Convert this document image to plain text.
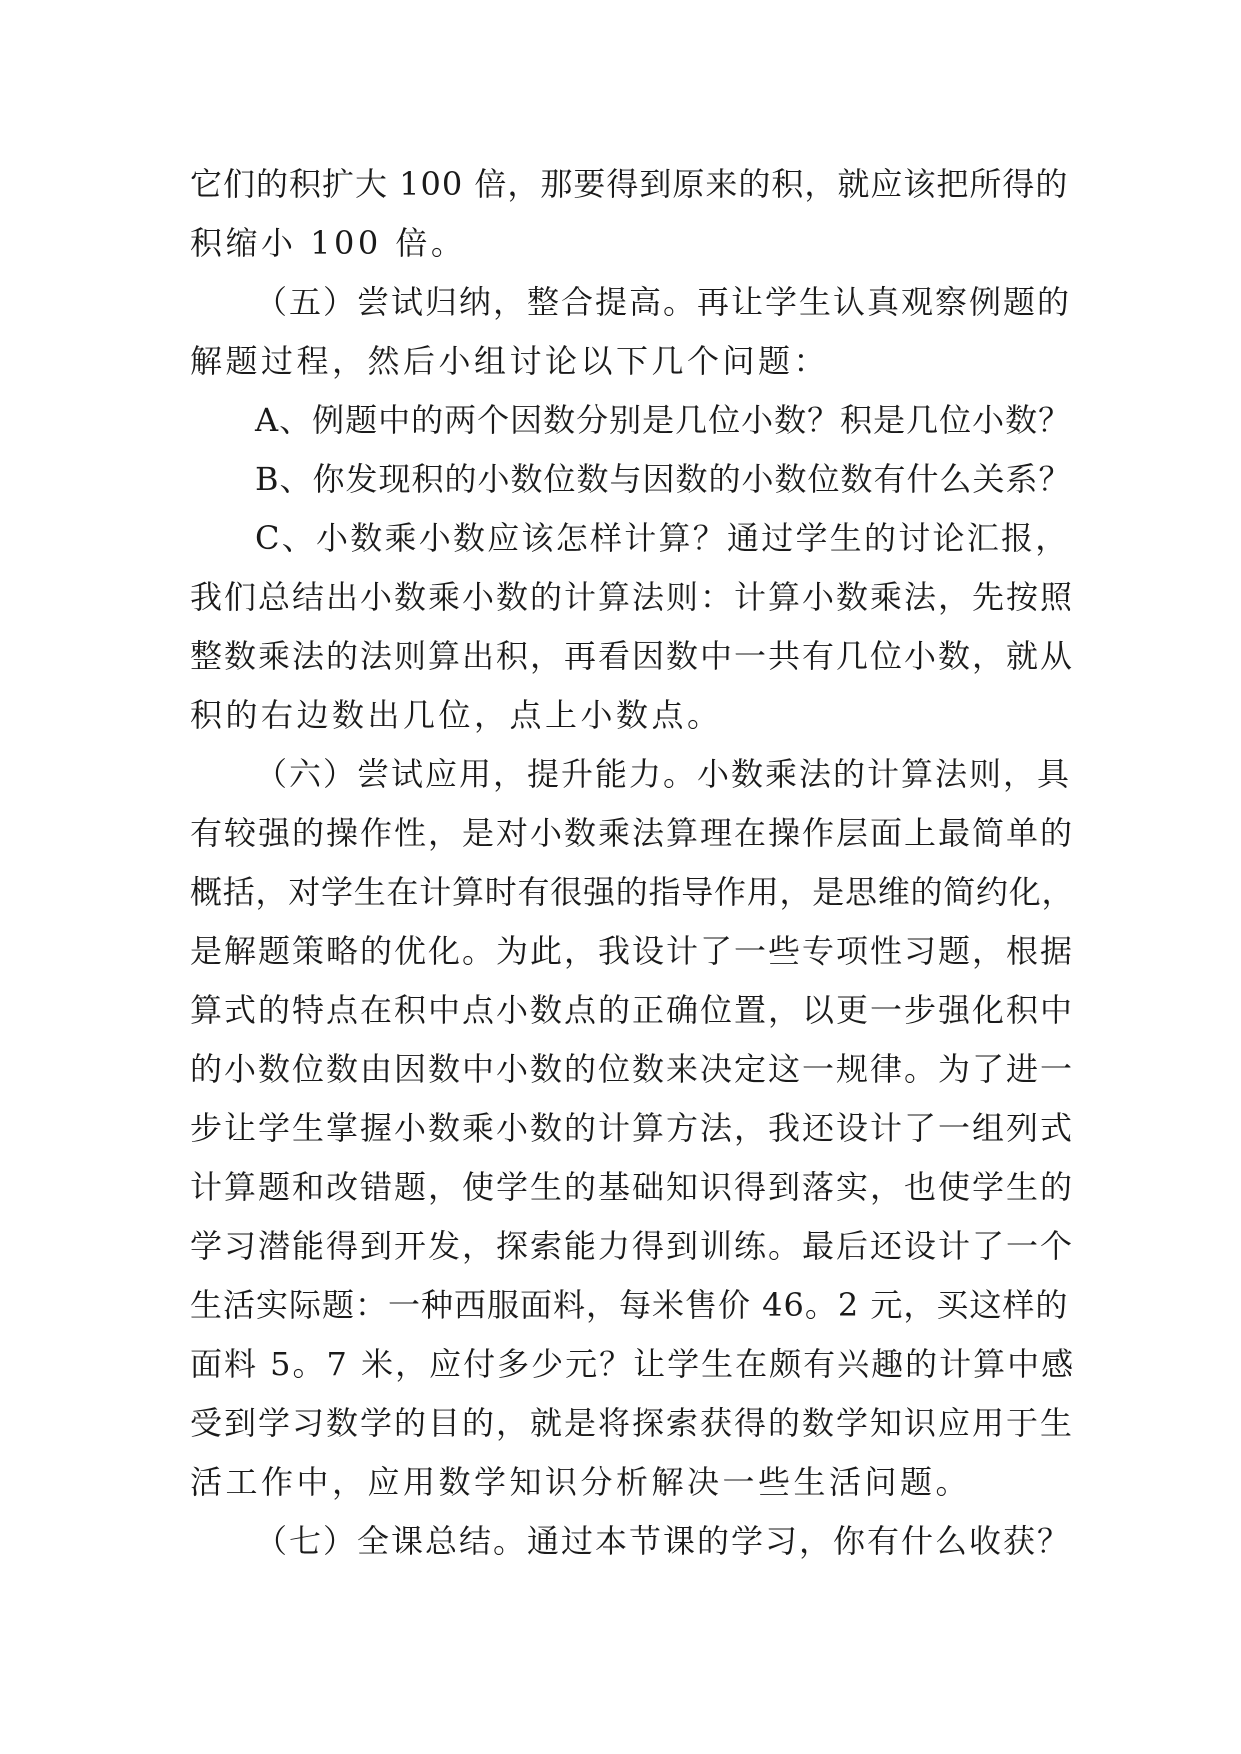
它们的积扩大 100 倍，那要得到原来的积，就应该把所得的
积缩小 100 倍。
（五）尝试归纳，整合提高。再让学生认真观察例题的
解题过程，然后小组讨论以下几个问题：
A、例题中的两个因数分别是几位小数？积是几位小数？
B、你发现积的小数位数与因数的小数位数有什么关系？
C、小数乘小数应该怎样计算？通过学生的讨论汇报，
我们总结出小数乘小数的计算法则：计算小数乘法，先按照
整数乘法的法则算出积，再看因数中一共有几位小数，就从
积的右边数出几位，点上小数点。
（六）尝试应用，提升能力。小数乘法的计算法则，具
有较强的操作性，是对小数乘法算理在操作层面上最简单的
概括，对学生在计算时有很强的指导作用，是思维的简约化，
是解题策略的优化。为此，我设计了一些专项性习题，根据
算式的特点在积中点小数点的正确位置，以更一步强化积中
的小数位数由因数中小数的位数来决定这一规律。为了进一
步让学生掌握小数乘小数的计算方法，我还设计了一组列式
计算题和改错题，使学生的基础知识得到落实，也使学生的
学习潜能得到开发，探索能力得到训练。最后还设计了一个
生活实际题：一种西服面料，每米售价 46。2 元，买这样的
面料 5。7 米，应付多少元？让学生在颇有兴趣的计算中感
受到学习数学的目的，就是将探索获得的数学知识应用于生
活工作中，应用数学知识分析解决一些生活问题。
（七）全课总结。通过本节课的学习，你有什么收获？
